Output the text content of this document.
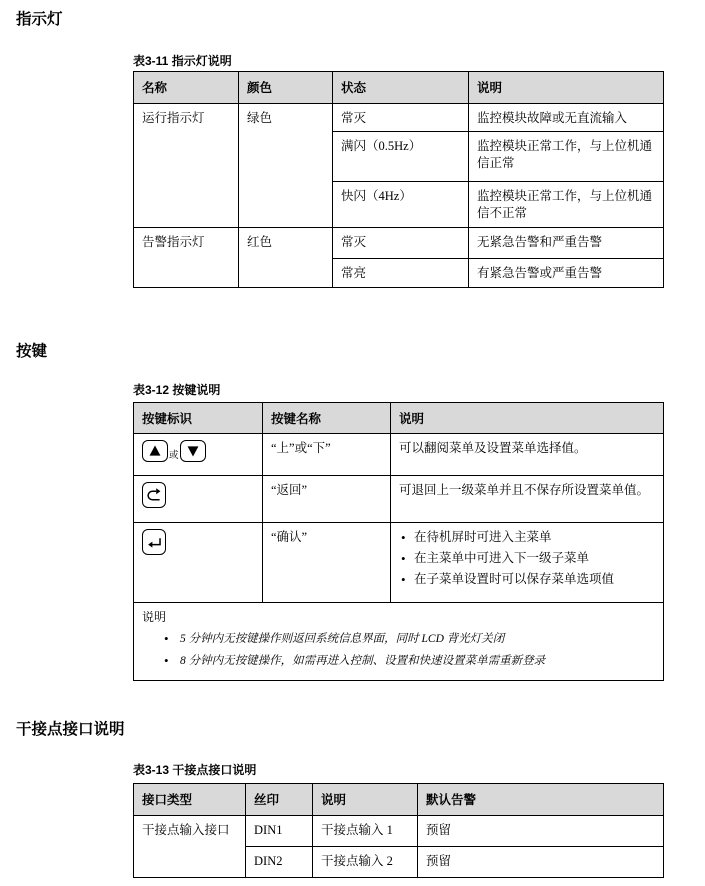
指示灯
表3-11 指示灯说明
名称	颜色	状态	说明
运行指示灯	绿色	常灭	监控模块故障或无直流输入
		满闪（0.5Hz）	监控模块正常工作，与上位机通信正常
		快闪（4Hz）	监控模块正常工作，与上位机通信不正常
告警指示灯	红色	常灭	无紧急告警和严重告警
		常亮	有紧急告警或严重告警
按键
表3-12 按键说明
按键标识	按键名称	说明

或	“上”或“下”	可以翻阅菜单及设置菜单选择值。

	“返回”	可退回上一级菜单并且不保存所设置菜单值。

	“确认”	
•在待机屏时可进入主菜单
• 在主菜单中可进入下一级子菜单
• 在子菜单设置时可以保存菜单选项值

说明
• 5 分钟内无按键操作则返回系统信息界面，同时 LCD 背光灯关闭
• 8 分钟内无按键操作，如需再进入控制、设置和快速设置菜单需重新登录
干接点接口说明
表3-13 干接点接口说明
接口类型	丝印	说明	默认告警
干接点输入接口	DIN1	干接点输入 1	预留
	DIN2	干接点输入 2	预留
